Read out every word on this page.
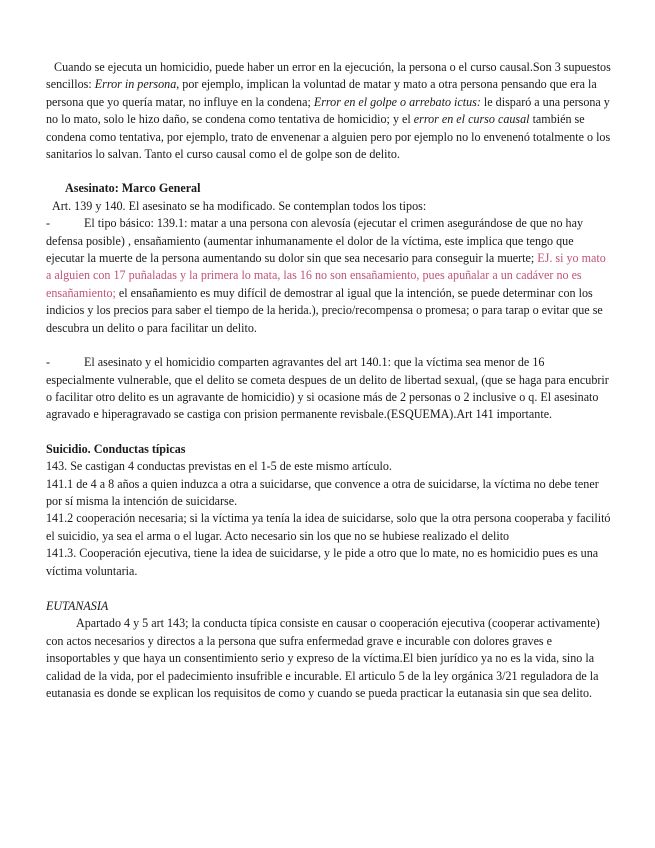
Cuando se ejecuta un homicidio, puede haber un error en la ejecución, la persona o el curso causal.Son 3 supuestos sencillos: Error in persona, por ejemplo, implican la voluntad de matar y mato a otra persona pensando que era la persona que yo quería matar, no influye en la condena; Error en el golpe o arrebato ictus: le disparó a una persona y no lo mato, solo le hizo daño, se condena como tentativa de homicidio; y el error en el curso causal también se condena como tentativa, por ejemplo, trato de envenenar a alguien pero por ejemplo no lo envenenó totalmente o los sanitarios lo salvan. Tanto el curso causal como el de golpe son de delito.

Asesinato: Marco General

Art. 139 y 140. El asesinato se ha modificado. Se contemplan todos los tipos:

-	El tipo básico: 139.1: matar a una persona con alevosía (ejecutar el crimen asegurándose de que no hay defensa posible) , ensañamiento (aumentar inhumanamente el dolor de la víctima, este implica que tengo que ejecutar la muerte de la persona aumentando su dolor sin que sea necesario para conseguir la muerte; EJ. si yo mato a alguien con 17 puñaladas y la primera lo mata, las 16 no son ensañamiento, pues apuñalar a un cadáver no es ensañamiento; el ensañamiento es muy difícil de demostrar al igual que la intención, se puede determinar con los indicios y los precios para saber el tiempo de la herida.), precio/recompensa o promesa; o para tarap o evitar que se descubra un delito o para facilitar un delito.

-	El asesinato y el homicidio comparten agravantes del art 140.1: que la víctima sea menor de 16 especialmente vulnerable, que el delito se cometa despues de un delito de libertad sexual, (que se haga para encubrir o facilitar otro delito es un agravante de homicidio) y si ocasione más de 2 personas o 2 inclusive o q. El asesinato agravado e hiperagravado se castiga con prision permanente revisbale.(ESQUEMA).Art 141 importante.

Suicidio. Conductas típicas

143. Se castigan 4 conductas previstas en el 1-5 de este mismo artículo.

141.1 de 4 a 8 años a quien induzca a otra a suicidarse, que convence a otra de suicidarse, la víctima no debe tener por sí misma la intención de suicidarse.

141.2 cooperación necesaria; si la víctima ya tenía la idea de suicidarse, solo que la otra persona cooperaba y facilitó el suicidio, ya sea el arma o el lugar. Acto necesario sin los que no se hubiese realizado el delito

141.3. Cooperación ejecutiva, tiene la idea de suicidarse, y le pide a otro que lo mate, no es homicidio pues es una víctima voluntaria.

EUTANASIA

Apartado 4 y 5 art 143; la conducta típica consiste en causar o cooperación ejecutiva (cooperar activamente) con actos necesarios y directos a la persona que sufra enfermedad grave e incurable con dolores graves e insoportables y que haya un consentimiento serio y expreso de la víctima.El bien jurídico ya no es la vida, sino la calidad de la vida, por el padecimiento insufrible e incurable. El articulo 5 de la ley orgánica 3/21 reguladora de la eutanasia es donde se explican los requisitos de como y cuando se pueda practicar la eutanasia sin que sea delito.
